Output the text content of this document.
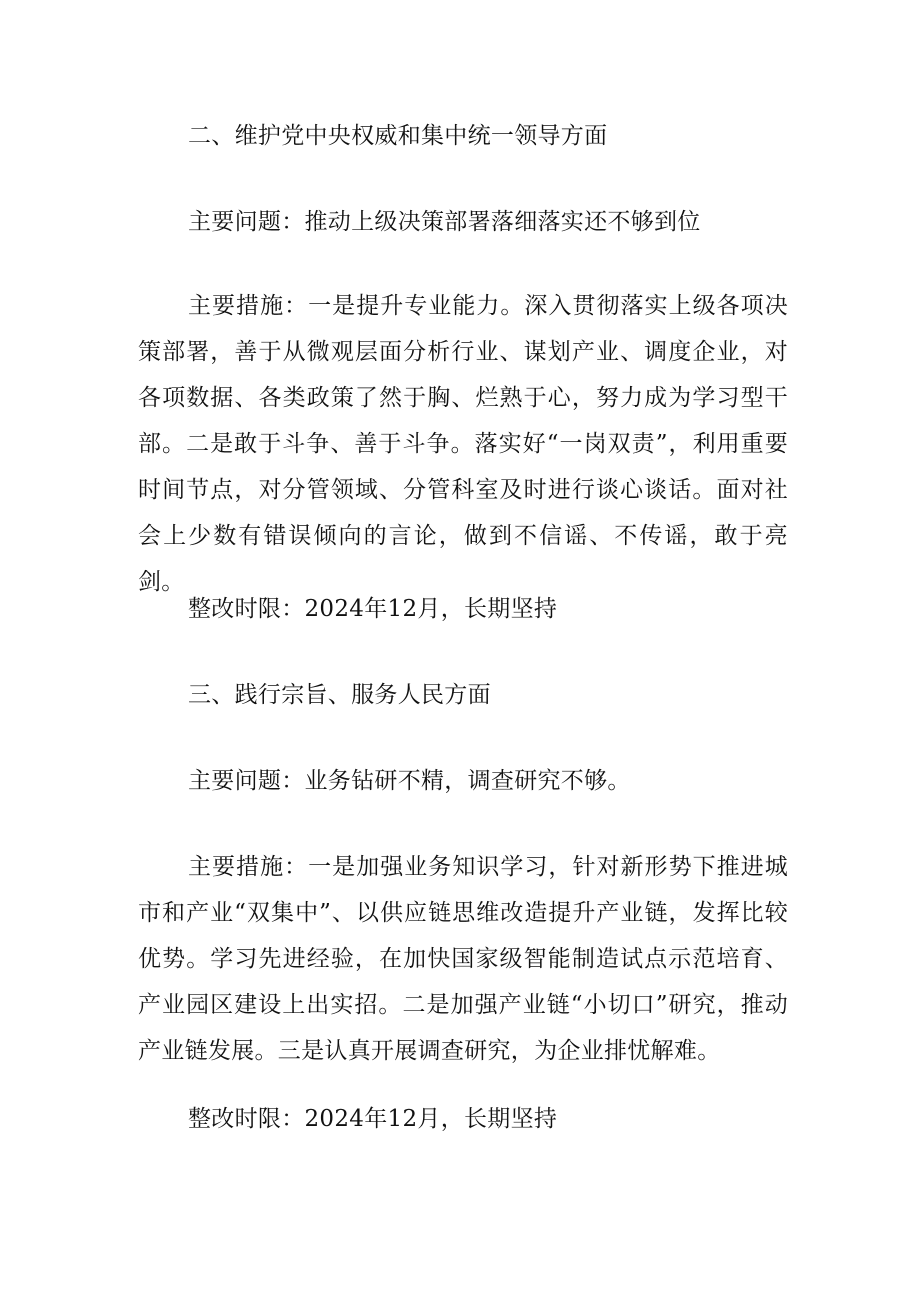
二、维护党中央权威和集中统一领导方面

主要问题：推动上级决策部署落细落实还不够到位

主要措施：一是提升专业能力。深入贯彻落实上级各项决策部署，善于从微观层面分析行业、谋划产业、调度企业，对各项数据、各类政策了然于胸、烂熟于心，努力成为学习型干部。二是敢于斗争、善于斗争。落实好“一岗双责”，利用重要时间节点，对分管领域、分管科室及时进行谈心谈话。面对社会上少数有错误倾向的言论，做到不信谣、不传谣，敢于亮剑。

整改时限：2024年12月，长期坚持

三、践行宗旨、服务人民方面

主要问题：业务钻研不精，调查研究不够。

主要措施：一是加强业务知识学习，针对新形势下推进城市和产业“双集中”、以供应链思维改造提升产业链，发挥比较优势。学习先进经验，在加快国家级智能制造试点示范培育、产业园区建设上出实招。二是加强产业链“小切口”研究，推动产业链发展。三是认真开展调查研究，为企业排忧解难。

整改时限：2024年12月，长期坚持
